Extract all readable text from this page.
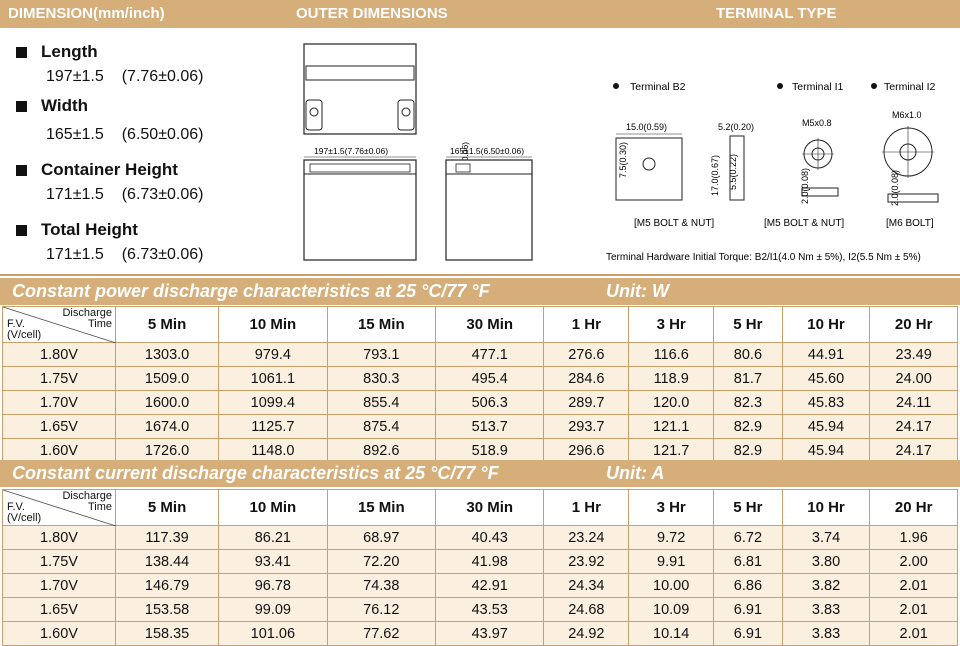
DIMENSION(mm/inch)	OUTER DIMENSIONS	TERMINAL TYPE
Length
197±1.5 (7.76±0.06)
Width
165±1.5 (6.50±0.06)
Container Height
171±1.5 (6.73±0.06)
Total Height
171±1.5 (6.73±0.06)
197±1.5(7.76±0.06)	165±1.5(6.50±0.06)
Terminal B2	Terminal I1	Terminal I2
15.0(0.59)
7.5(0.30)	17.0(0.67) 5.5(0.22)
5.2(0.20)
[M5 BOLT & NUT]
M5x0.8
2.0(0.08)
[M5 BOLT & NUT]
M6x1.0
2.0(0.08)
[M6 BOLT]
Terminal Hardware Initial Torque: B2/I1(4.0 Nm ± 5%), I2(5.5 Nm ± 5%)
Constant power discharge characteristics at 25 °C/77 °F	Unit: W
Discharge
Time
F.V.
(V/cell)	5 Min	10 Min	15 Min	30 Min	1 Hr	3 Hr	5 Hr	10 Hr	20 Hr
1.80V	1303.0	979.4	793.1	477.1	276.6	116.6	80.6	44.91	23.49
1.75V	1509.0	1061.1	830.3	495.4	284.6	118.9	81.7	45.60	24.00
1.70V	1600.0	1099.4	855.4	506.3	289.7	120.0	82.3	45.83	24.11
1.65V	1674.0	1125.7	875.4	513.7	293.7	121.1	82.9	45.94	24.17
1.60V	1726.0	1148.0	892.6	518.9	296.6	121.7	82.9	45.94	24.17
Constant current discharge characteristics at 25 °C/77 °F	Unit: A
Discharge
Time
F.V.
(V/cell)	5 Min	10 Min	15 Min	30 Min	1 Hr	3 Hr	5 Hr	10 Hr	20 Hr
1.80V	117.39	86.21	68.97	40.43	23.24	9.72	6.72	3.74	1.96
1.75V	138.44	93.41	72.20	41.98	23.92	9.91	6.81	3.80	2.00
1.70V	146.79	96.78	74.38	42.91	24.34	10.00	6.86	3.82	2.01
1.65V	153.58	99.09	76.12	43.53	24.68	10.09	6.91	3.83	2.01
1.60V	158.35	101.06	77.62	43.97	24.92	10.14	6.91	3.83	2.01
